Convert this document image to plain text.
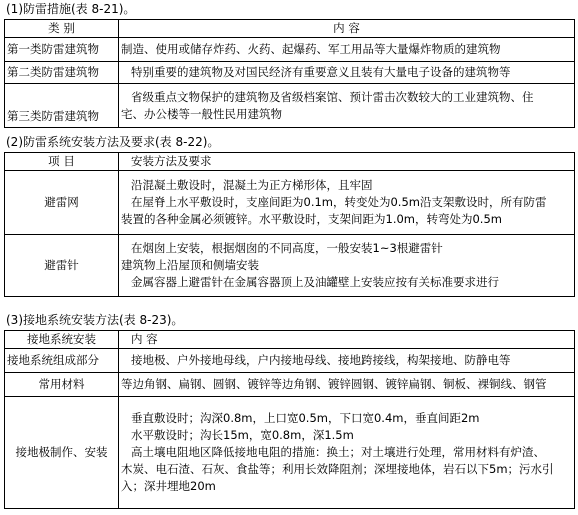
(1)防雷措施(表 8-21)。
类 别	内 容
第一类防雷建筑物	制造、使用或储存炸药、火药、起爆药、军工用品等大量爆炸物质的建筑物
第二类防雷建筑物	特别重要的建筑物及对国民经济有重要意义且装有大量电子设备的建筑物等
第三类防雷建筑物	省级重点文物保护的建筑物及省级档案馆、预计雷击次数较大的工业建筑物、住
宅、办公楼等一般性民用建筑物
(2)防雷系统安装方法及要求(表 8-22)。
项 目	安装方法及要求
避雷网	沿混凝土敷设时，混凝土为正方梯形体，且牢固
在屋脊上水平敷设时，支座间距为0.1m，转变处为0.5m沿支架敷设时，所有防雷
装置的各种金属必须镀锌。水平敷设时，支架间距为1.0m，转弯处为0.5m

避雷针	在烟囱上安装，根据烟囱的不同高度，一般安装1~3根避雷针
建筑物上沿屋顶和侧墙安装
金属容器上避雷针在金属容器顶上及油罐壁上安装应按有关标准要求进行
(3)接地系统安装方法(表 8-23)。
接地系统安装	内 容
接地系统组成部分	接地极、户外接地母线，户内接地母线、接地跨接线，构架接地、防静电等
常用材料	等边角钢、扁钢、圆钢、镀锌等边角钢、镀锌圆钢、镀锌扁钢、铜板、裸铜线、钢管
接地极制作、安装	垂直敷设时；沟深0.8m，上口宽0.5m，下口宽0.4m，垂直间距2m
水平敷设时；沟长15m，宽0.8m，深1.5m
高土壤电阻地区降低接地电阻的措施：换土；对土壤进行处理，常用材料有炉渣、
木炭、电石渣、石灰、食盐等；利用长效降阻剂；深埋接地体，岩石以下5m；污水引
入；深井埋地20m
